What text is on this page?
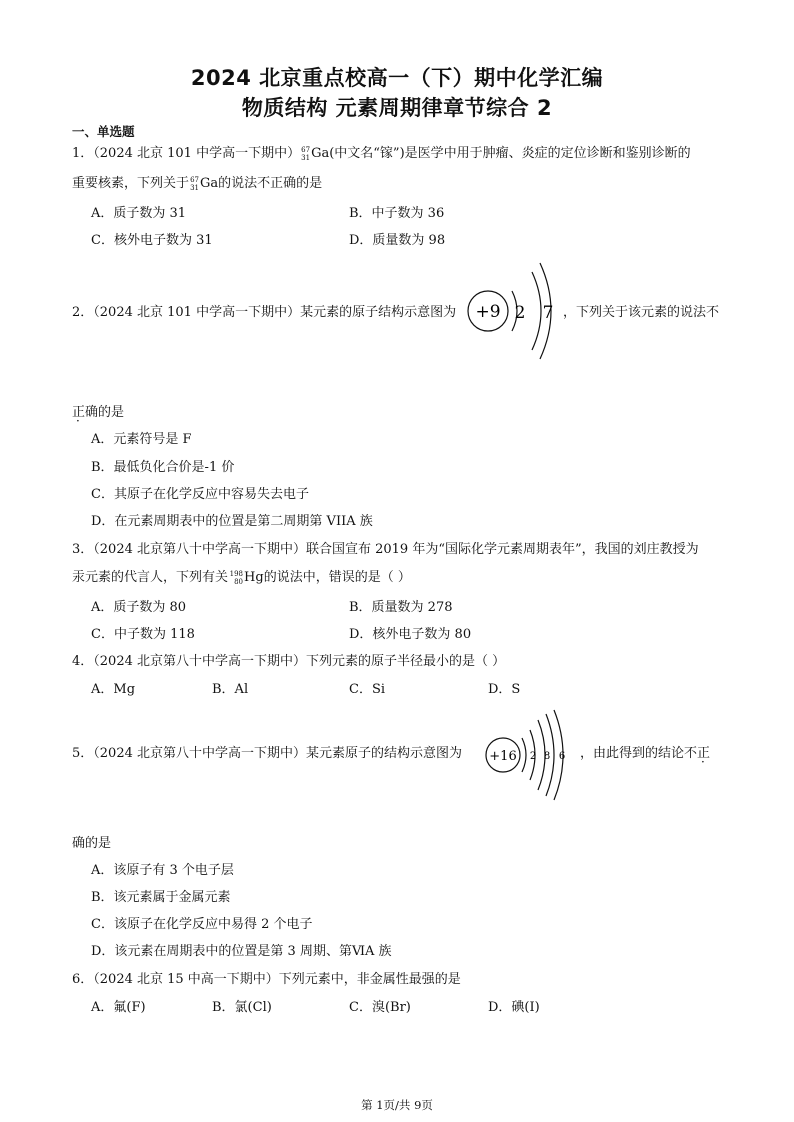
2024 北京重点校高一（下）期中化学汇编
物质结构 元素周期律章节综合 2
一、单选题
1．（2024 北京 101 中学高一下期中） 67
31 Ga(中文名“镓”)是医学中用于肿瘤、炎症的定位诊断和鉴别诊断的
重要核素，下列关于 67
31 Ga的说法不正确的是
A．质子数为 31	B．中子数为 36
C．核外电子数为 31	D．质量数为 98
2．（2024 北京 101 中学高一下期中）某元素的原子结构示意图为 +9 2 7 ，下列关于该元素的说法不
正确的是
A．元素符号是 F
B．最低负化合价是-1 价
C．其原子在化学反应中容易失去电子
D．在元素周期表中的位置是第二周期第 VIIA 族
3．（2024 北京第八十中学高一下期中）联合国宣布 2019 年为“国际化学元素周期表年”，我国的刘庄教授为
汞元素的代言人，下列有关 198
80 Hg的说法中，错误的是（ ）
A．质子数为 80	B．质量数为 278
C．中子数为 118	D．核外电子数为 80
4．（2024 北京第八十中学高一下期中）下列元素的原子半径最小的是（ ）
A．Mg	B．Al	C．Si	D．S
5．（2024 北京第八十中学高一下期中）某元素原子的结构示意图为 +16 2 8 6 ，由此得到的结论不正
确的是
A．该原子有 3 个电子层
B．该元素属于金属元素
C．该原子在化学反应中易得 2 个电子
D．该元素在周期表中的位置是第 3 周期、第ⅥA 族
6．（2024 北京 15 中高一下期中）下列元素中，非金属性最强的是
A．氟(F)	B．氯(Cl)	C．溴(Br)	D．碘(I)
第 1页/共 9页
